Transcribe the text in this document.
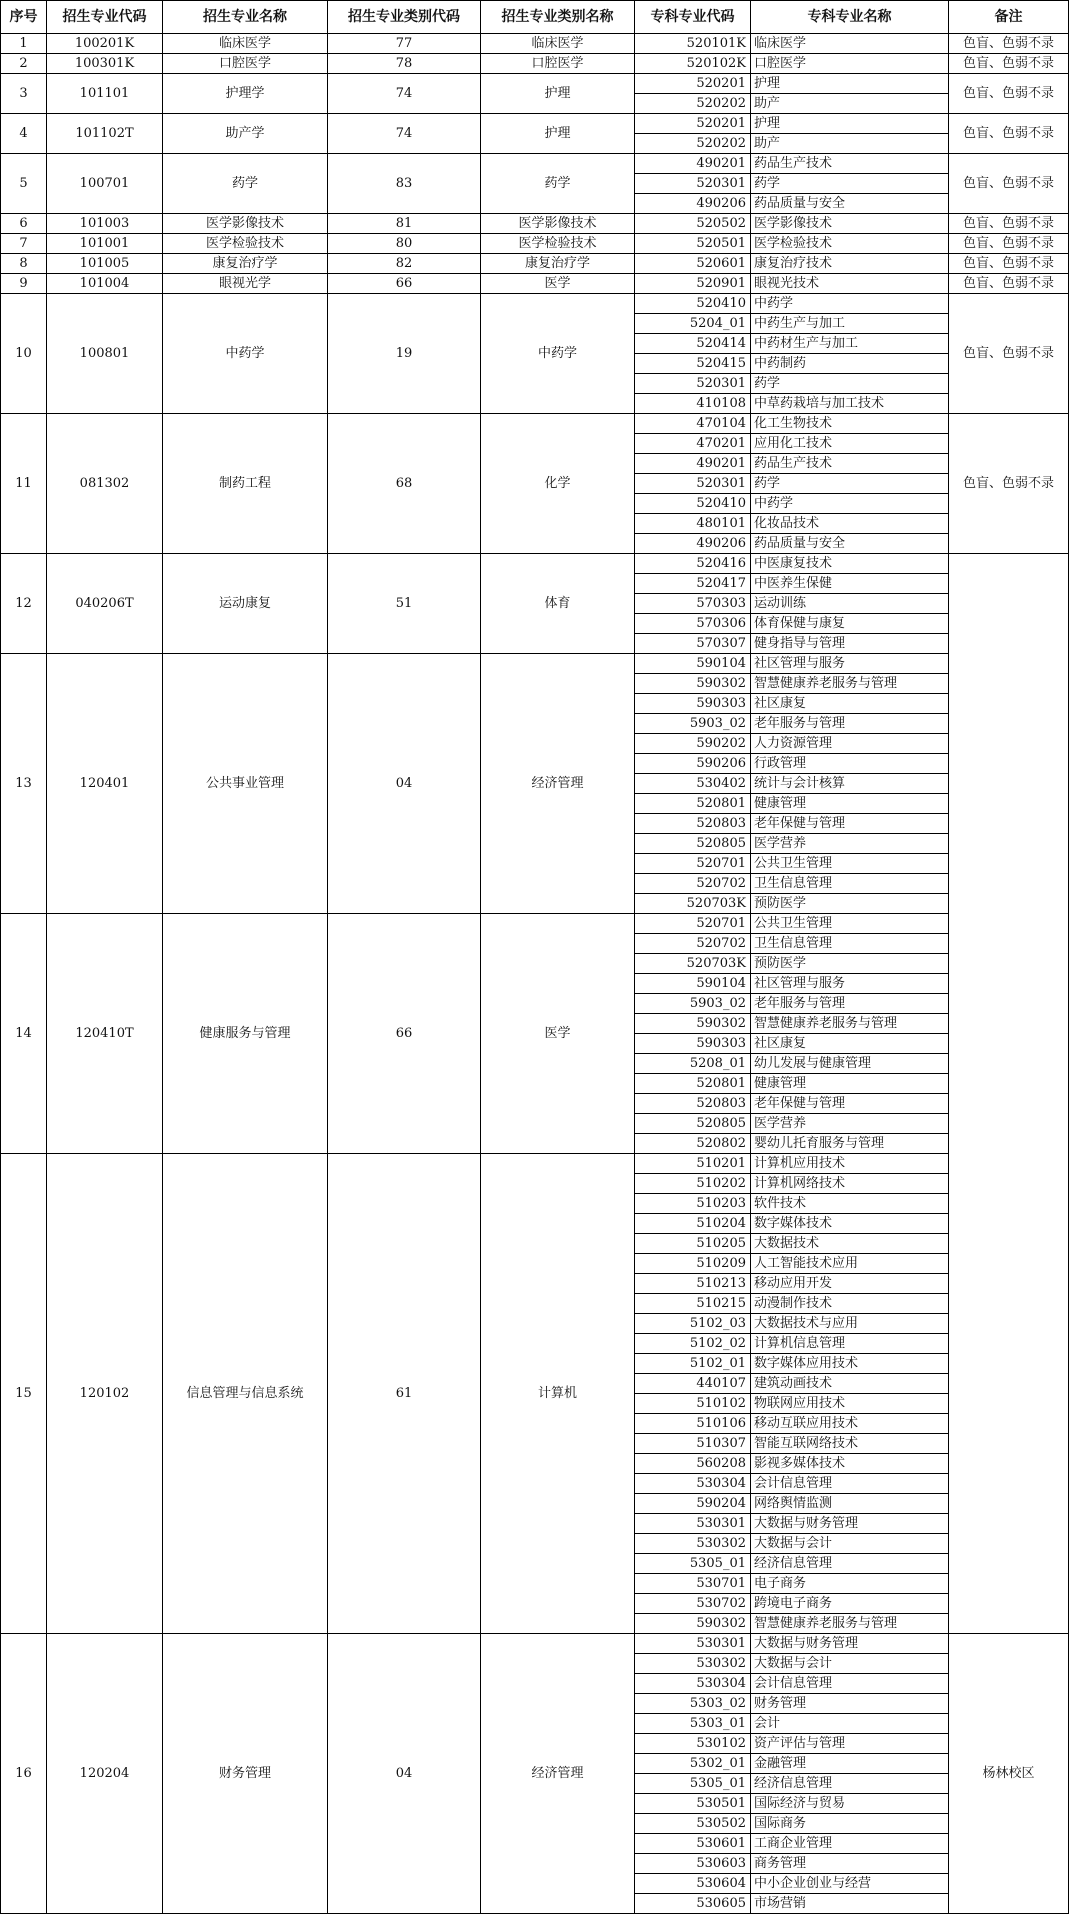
序号	招生专业代码	招生专业名称	招生专业类别代码	招生专业类别名称	专科专业代码	专科专业名称	备注
1	100201K	临床医学	77	临床医学	520101K	临床医学	色盲、色弱不录
2	100301K	口腔医学	78	口腔医学	520102K	口腔医学	色盲、色弱不录
3	101101	护理学	74	护理	520201	护理	色盲、色弱不录
					520202	助产	
4	101102T	助产学	74	护理	520201	护理	色盲、色弱不录
					520202	助产	
5	100701	药学	83	药学	490201	药品生产技术	色盲、色弱不录
					520301	药学	
					490206	药品质量与安全	
6	101003	医学影像技术	81	医学影像技术	520502	医学影像技术	色盲、色弱不录
7	101001	医学检验技术	80	医学检验技术	520501	医学检验技术	色盲、色弱不录
8	101005	康复治疗学	82	康复治疗学	520601	康复治疗技术	色盲、色弱不录
9	101004	眼视光学	66	医学	520901	眼视光技术	色盲、色弱不录
10	100801	中药学	19	中药学	520410	中药学	色盲、色弱不录
					5204_01	中药生产与加工	
					520414	中药材生产与加工	
					520415	中药制药	
					520301	药学	
					410108	中草药栽培与加工技术	
11	081302	制药工程	68	化学	470104	化工生物技术	色盲、色弱不录
					470201	应用化工技术	
					490201	药品生产技术	
					520301	药学	
					520410	中药学	
					480101	化妆品技术	
					490206	药品质量与安全	
12	040206T	运动康复	51	体育	520416	中医康复技术	
					520417	中医养生保健	
					570303	运动训练	
					570306	体育保健与康复	
					570307	健身指导与管理	
13	120401	公共事业管理	04	经济管理	590104	社区管理与服务	
					590302	智慧健康养老服务与管理	
					590303	社区康复	
					5903_02	老年服务与管理	
					590202	人力资源管理	
					590206	行政管理	
					530402	统计与会计核算	
					520801	健康管理	
					520803	老年保健与管理	
					520805	医学营养	
					520701	公共卫生管理	
					520702	卫生信息管理	
					520703K	预防医学	
14	120410T	健康服务与管理	66	医学	520701	公共卫生管理	
					520702	卫生信息管理	
					520703K	预防医学	
					590104	社区管理与服务	
					5903_02	老年服务与管理	
					590302	智慧健康养老服务与管理	
					590303	社区康复	
					5208_01	幼儿发展与健康管理	
					520801	健康管理	
					520803	老年保健与管理	
					520805	医学营养	
					520802	婴幼儿托育服务与管理	
15	120102	信息管理与信息系统	61	计算机	510201	计算机应用技术	
					510202	计算机网络技术	
					510203	软件技术	
					510204	数字媒体技术	
					510205	大数据技术	
					510209	人工智能技术应用	
					510213	移动应用开发	
					510215	动漫制作技术	
					5102_03	大数据技术与应用	
					5102_02	计算机信息管理	
					5102_01	数字媒体应用技术	
					440107	建筑动画技术	
					510102	物联网应用技术	
					510106	移动互联应用技术	
					510307	智能互联网络技术	
					560208	影视多媒体技术	
					530304	会计信息管理	
					590204	网络舆情监测	
					530301	大数据与财务管理	
					530302	大数据与会计	
					5305_01	经济信息管理	
					530701	电子商务	
					530702	跨境电子商务	
					590302	智慧健康养老服务与管理	
16	120204	财务管理	04	经济管理	530301	大数据与财务管理	杨林校区
					530302	大数据与会计	
					530304	会计信息管理	
					5303_02	财务管理	
					5303_01	会计	
					530102	资产评估与管理	
					5302_01	金融管理	
					5305_01	经济信息管理	
					530501	国际经济与贸易	
					530502	国际商务	
					530601	工商企业管理	
					530603	商务管理	
					530604	中小企业创业与经营	
					530605	市场营销	
